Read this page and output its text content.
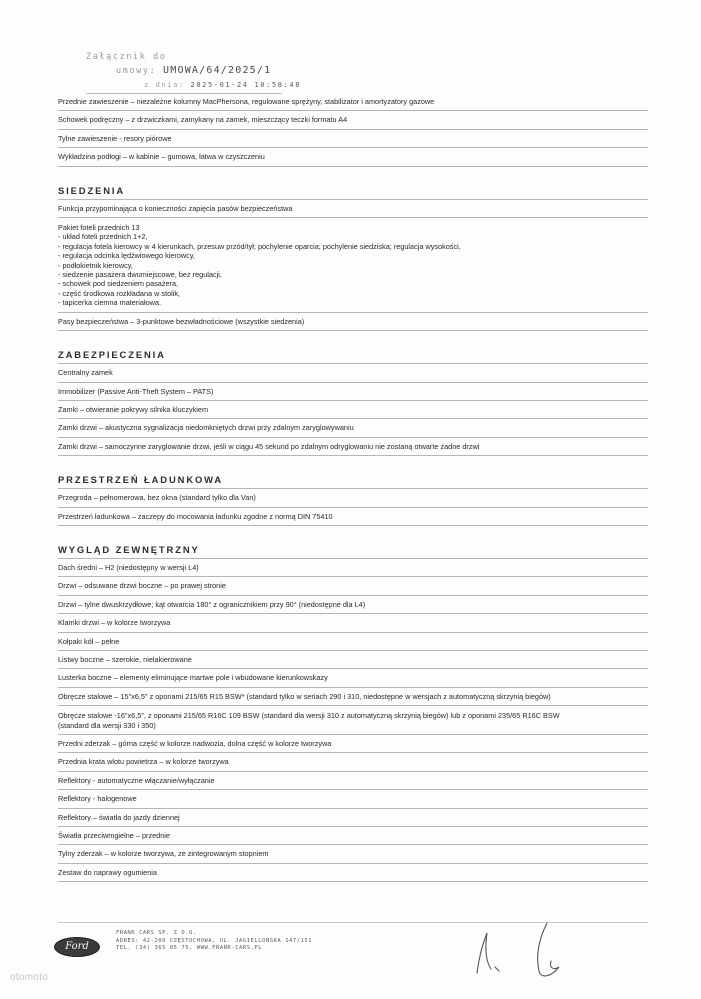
Załącznik do
umowy: UMOWA/64/2025/1
z dnia: 2025-01-24 10:58:48
Przednie zawieszenie – niezależne kolumny MacPhersona, regulowane sprężyny, stabilizator i amortyzatory gazowe
Schowek podręczny – z drzwiczkami, zamykany na zamek, mieszczący teczki formatu A4
Tylne zawieszenie - resory piórowe
Wykładzina podłogi – w kabinie – gumowa, łatwa w czyszczeniu
SIEDZENIA
Funkcja przypominająca o konieczności zapięcia pasów bezpieczeństwa
Pakiet foteli przednich 13
- układ foteli przednich 1+2,
- regulacja fotela kierowcy w 4 kierunkach, przesuw przód/tył; pochylenie oparcia; pochylenie siedziska; regulacja wysokości,
- regulacja odcinka lędźwiowego kierowcy,
- podłokietnik kierowcy,
- siedzenie pasażera dwumiejscowe, bez regulacji,
- schowek pod siedzeniem pasażera,
- część środkowa rozkładana w stolik,
- tapicerka ciemna materiałowa.
Pasy bezpieczeństwa – 3-punktowe bezwładnościowe (wszystkie siedzenia)
ZABEZPIECZENIA
Centralny zamek
Immobilizer (Passive Anti-Theft System – PATS)
Zamki – otwieranie pokrywy silnika kluczykiem
Zamki drzwi – akustyczna sygnalizacja niedomkniętych drzwi przy zdalnym zaryglowywaniu
Zamki drzwi – samoczynne zaryglowanie drzwi, jeśli w ciągu 45 sekund po zdalnym odryglowaniu nie zostaną otwarte żadne drzwi
PRZESTRZEŃ ŁADUNKOWA
Przegroda – pełnomerowa, bez okna (standard tylko dla Van)
Przestrzeń ładunkowa – zaczepy do mocowania ładunku zgodne z normą DIN 75410
WYGLĄD ZEWNĘTRZNY
Dach średni – H2 (niedostępny w wersji L4)
Drzwi – odsuwane drzwi boczne – po prawej stronie
Drzwi – tylne dwuskrzydłowe; kąt otwarcia 180° z ogranicznikiem przy 90° (niedostępne dla L4)
Klamki drzwi – w kolorze tworzywa
Kołpaki kół – pełne
Listwy boczne – szerokie, nielakierowane
Lusterka boczne – elementy eliminujące martwe pole i wbudowane kierunkowskazy
Obręcze stalowe – 15"x6,5" z oponami 215/65 R15 BSW* (standard tylko w seriach 290 i 310, niedostępne w wersjach z automatyczną skrzynią biegów)
Obręcze stalowe -16"x6,5", z oponami 215/65 R16C 109 BSW (standard dla wersji 310 z automatyczną skrzynią biegów) lub z oponami 235/65 R16C BSW
(standard dla wersji 330 i 350)
Przedni zderzak – górna część w kolorze nadwozia, dolna część w kolorze tworzywa
Przednia krata wlotu powietrza – w kolorze tworzywa
Reflektory - automatyczne włączanie/wyłączanie
Reflektory - halogenowe
Reflektory – światła do jazdy dziennej
Światła przeciwmgielne – przednie
Tylny zderzak – w kolorze tworzywa, ze zintegrowanym stopniem
Zestaw do naprawy ogumienia
Ford
FRANK CARS SP. Z O.O.
ADRES: 42-200 CZĘSTOCHOWA, UL. JAGIELLOŃSKA 147/151
TEL. (34) 365 05 75, WWW.FRANK-CARS.PL
otomoto
